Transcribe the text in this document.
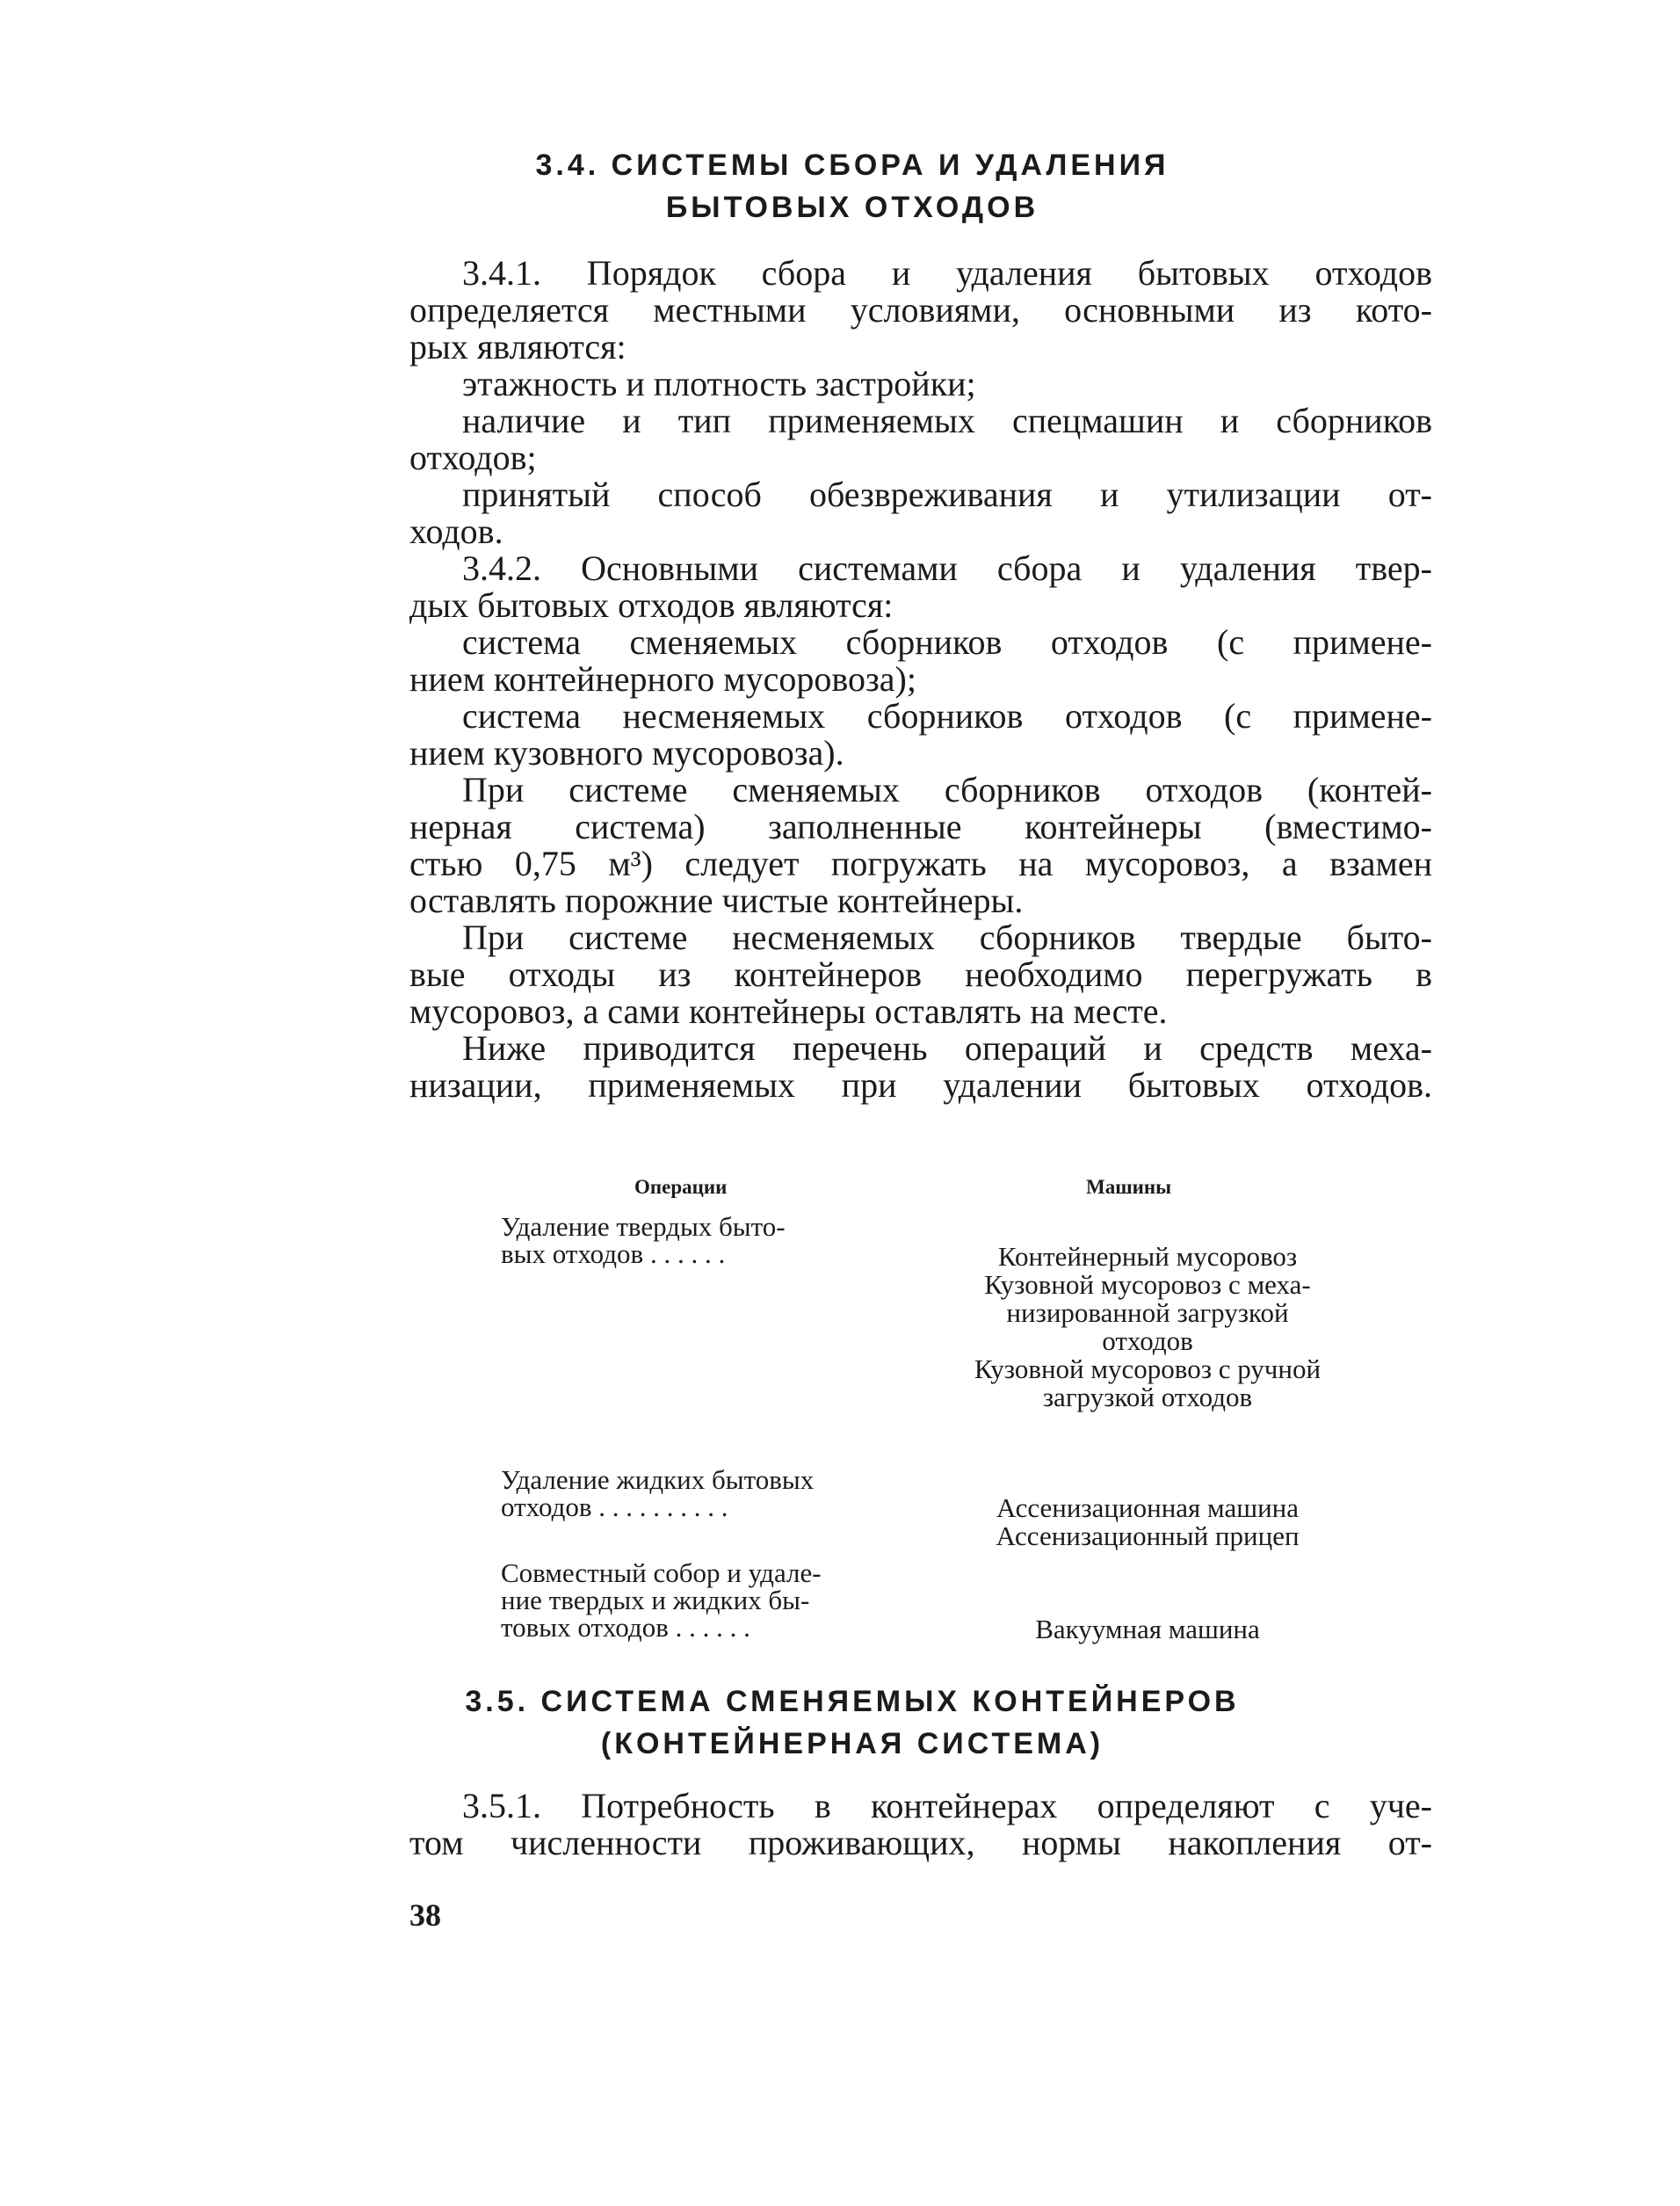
3.4. СИСТЕМЫ СБОРА И УДАЛЕНИЯ
БЫТОВЫХ ОТХОДОВ
3.4.1. Порядок сбора и удаления бытовых отходов
определяется местными условиями, основными из кото-
рых являются:
этажность и плотность застройки;
наличие и тип применяемых спецмашин и сборников
отходов;
принятый способ обезвреживания и утилизации от-
ходов.
3.4.2. Основными системами сбора и удаления твер-
дых бытовых отходов являются:
система сменяемых сборников отходов (с примене-
нием контейнерного мусоровоза);
система несменяемых сборников отходов (с примене-
нием кузовного мусоровоза).
При системе сменяемых сборников отходов (контей-
нерная система) заполненные контейнеры (вместимо-
стью 0,75 м³) следует погружать на мусоровоз, а взамен
оставлять порожние чистые контейнеры.
При системе несменяемых сборников твердые быто-
вые отходы из контейнеров необходимо перегружать в
мусоровоз, а сами контейнеры оставлять на месте.
Ниже приводится перечень операций и средств меха-
низации, применяемых при удалении бытовых отходов.
Операции	Машины
Удаление твердых быто-
вых отходов . . . . . .	Контейнерный мусоровоз
Кузовной мусоровоз с меха-
низированной загрузкой
отходов
Кузовной мусоровоз с ручной
загрузкой отходов
Удаление жидких бытовых
отходов . . . . . . . . . .	Ассенизационная машина
Ассенизационный прицеп
Совместный собор и удале-
ние твердых и жидких бы-
товых отходов . . . . . .	Вакуумная машина
3.5. СИСТЕМА СМЕНЯЕМЫХ КОНТЕЙНЕРОВ
(КОНТЕЙНЕРНАЯ СИСТЕМА)
3.5.1. Потребность в контейнерах определяют с уче-
том численности проживающих, нормы накопления от-
38
